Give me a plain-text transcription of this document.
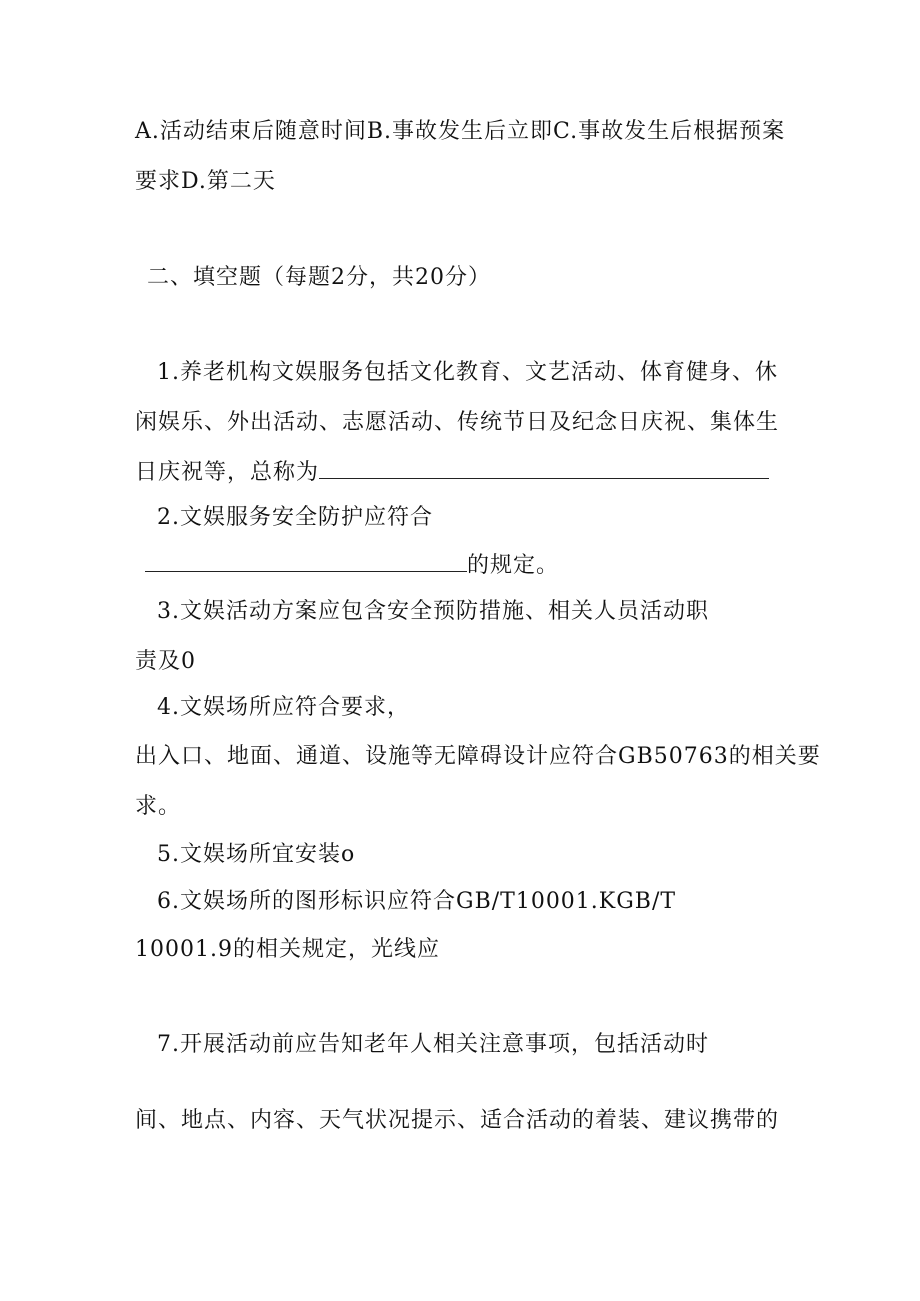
A.活动结束后随意时间B.事故发生后立即C.事故发生后根据预案
要求D.第二天
二、填空题（每题2分，共20分）
1.养老机构文娱服务包括文化教育、文艺活动、体育健身、休
闲娱乐、外出活动、志愿活动、传统节日及纪念日庆祝、集体生
日庆祝等，总称为
2.文娱服务安全防护应符合
的规定。
3.文娱活动方案应包含安全预防措施、相关人员活动职
责及0
4.文娱场所应符合要求，
出入口、地面、通道、设施等无障碍设计应符合GB50763的相关要
求。
5.文娱场所宜安装o
6.文娱场所的图形标识应符合GB/T10001.KGB/T
10001.9的相关规定，光线应
7.开展活动前应告知老年人相关注意事项，包括活动时
间、地点、内容、天气状况提示、适合活动的着装、建议携带的
